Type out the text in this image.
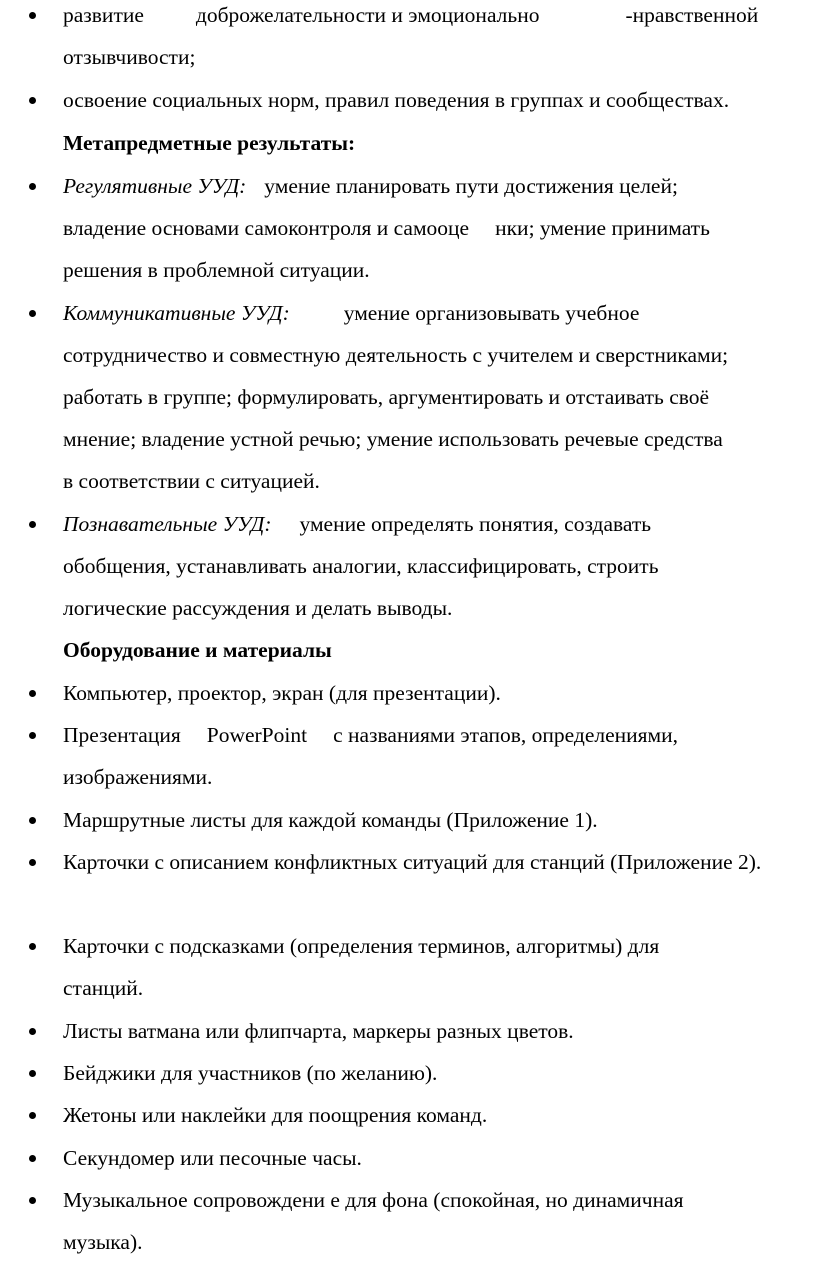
развитие доброжелательности и эмоционально	-нравственной
отзывчивости;
освоение социальных норм, правил поведения в группах и сообществах.
Метапредметные результаты:
Регулятивные УУД: умение планировать пути достижения целей;
владение основами самоконтроля и самооце нки; умение принимать
решения в проблемной ситуации.
Коммуникативные УУД:	умение организовывать учебное
сотрудничество и совместную деятельность с учителем и сверстниками;
работать в группе; формулировать, аргументировать и отстаивать своё
мнение; владение устной речью; умение использовать речевые средства
в соответствии с ситуацией.
Познавательные УУД: умение определять понятия, создавать
обобщения, устанавливать аналогии, классифицировать, строить
логические рассуждения и делать выводы.
Оборудование и материалы
Компьютер, проектор, экран (для презентации).
Презентация PowerPoint с названиями этапов, определениями,
изображениями.
Маршрутные листы для каждой команды (Приложение 1).
Карточки с описанием конфликтных ситуаций для станций (Приложение 2).
Карточки с подсказками (определения терминов, алгоритмы) для
станций.
Листы ватмана или флипчарта, маркеры разных цветов.
Бейджики для участников (по желанию).
Жетоны или наклейки для поощрения команд.
Секундомер или песочные часы.
Музыкальное сопровождени е для фона (спокойная, но динамичная
музыка).
